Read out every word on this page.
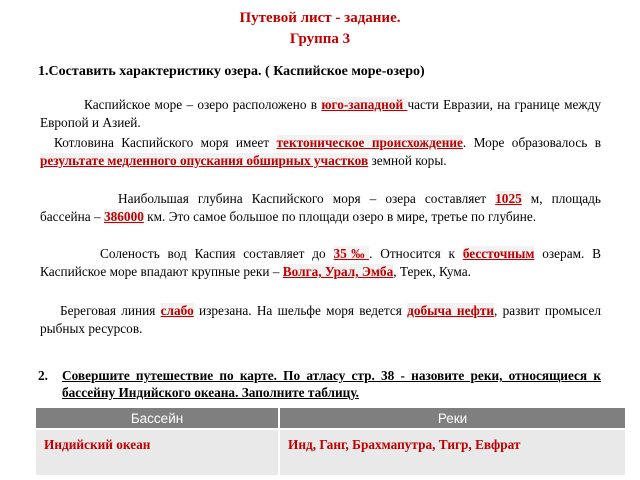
Путевой лист - задание.
Группа 3
1.Составить характеристику озера. ( Каспийское море-озеро)
Каспийское море – озеро расположено в юго-западной части Евразии, на границе между Европой и Азией.
Котловина Каспийского моря имеет тектоническое происхождение. Море образовалось в результате медленного опускания обширных участков земной коры.
Наибольшая глубина Каспийского моря – озера составляет 1025 м, площадь бассейна – 386000 км. Это самое большое по площади озеро в мире, третье по глубине.
Соленость вод Каспия составляет до 35‰. Относится к бессточным озерам. В Каспийское море впадают крупные реки – Волга, Урал, Эмба, Терек, Кума.
Береговая линия слабо изрезана. На шельфе моря ведется добыча нефти, развит промысел рыбных ресурсов.
2.	Совершите путешествие по карте. По атласу стр. 38 - назовите реки, относящиеся к бассейну Индийского океана. Заполните таблицу.
Бассейн	Реки
Индийский океан	Инд, Ганг, Брахмапутра, Тигр, Евфрат
